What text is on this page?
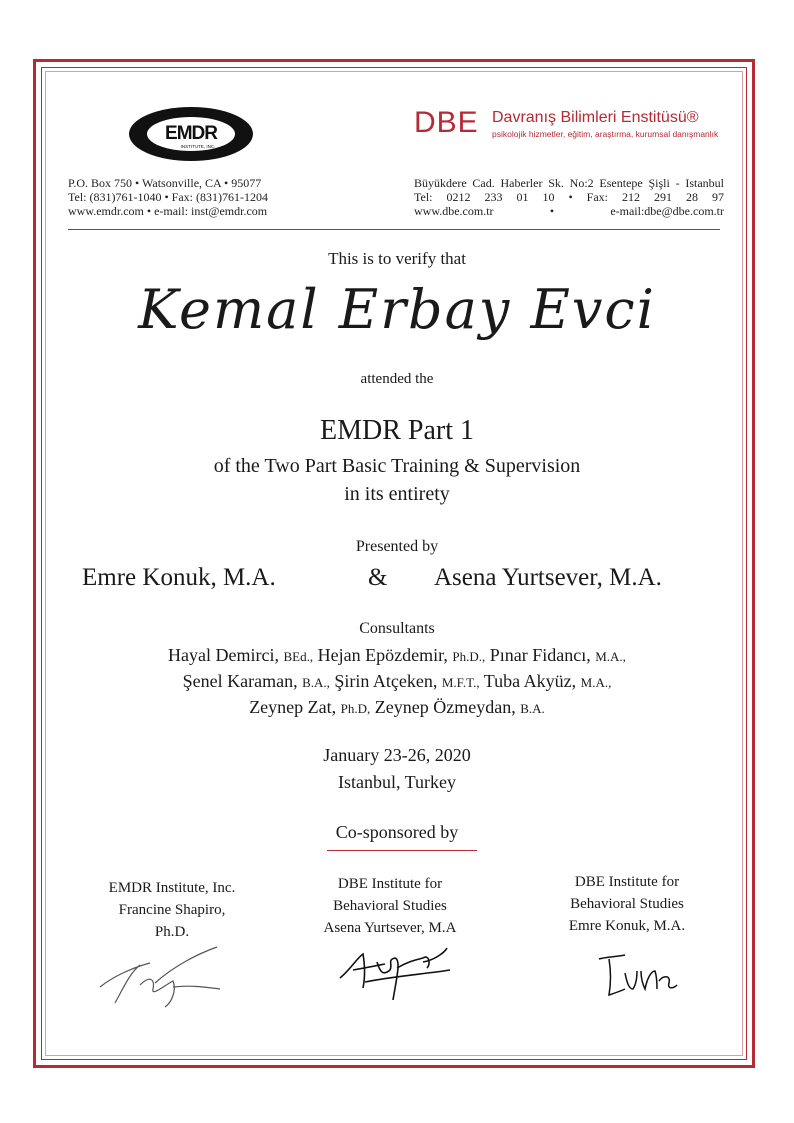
EMDR
INSTITUTE, INC.
DBE Davranış Bilimleri Enstitüsü®
psikolojik hizmetler, eğitim, araştırma, kurumsal danışmanlık
P.O. Box 750 • Watsonville, CA • 95077
Tel: (831)761-1040 • Fax: (831)761-1204
www.emdr.com • e-mail: inst@emdr.com
Büyükdere Cad. Haberler Sk. No:2 Esentepe Şişli - Istanbul
Tel: 0212 233 01 10 • Fax: 212 291 28 97
www.dbe.com.tr • e-mail:dbe@dbe.com.tr
This is to verify that
Kemal Erbay Evci
attended the
EMDR Part 1
of the Two Part Basic Training & Supervision
in its entirety
Presented by
Emre Konuk, M.A.	& Asena Yurtsever, M.A.
Consultants
Hayal Demirci, BEd., Hejan Epözdemir, Ph.D., Pınar Fidancı, M.A.,
Şenel Karaman, B.A., Şirin Atçeken, M.F.T., Tuba Akyüz, M.A.,
Zeynep Zat, Ph.D, Zeynep Özmeydan, B.A.
January 23-26, 2020
Istanbul, Turkey
Co-sponsored by
EMDR Institute, Inc.
Francine Shapiro,
Ph.D.
DBE Institute for
Behavioral Studies
Asena Yurtsever, M.A
DBE Institute for
Behavioral Studies
Emre Konuk, M.A.
